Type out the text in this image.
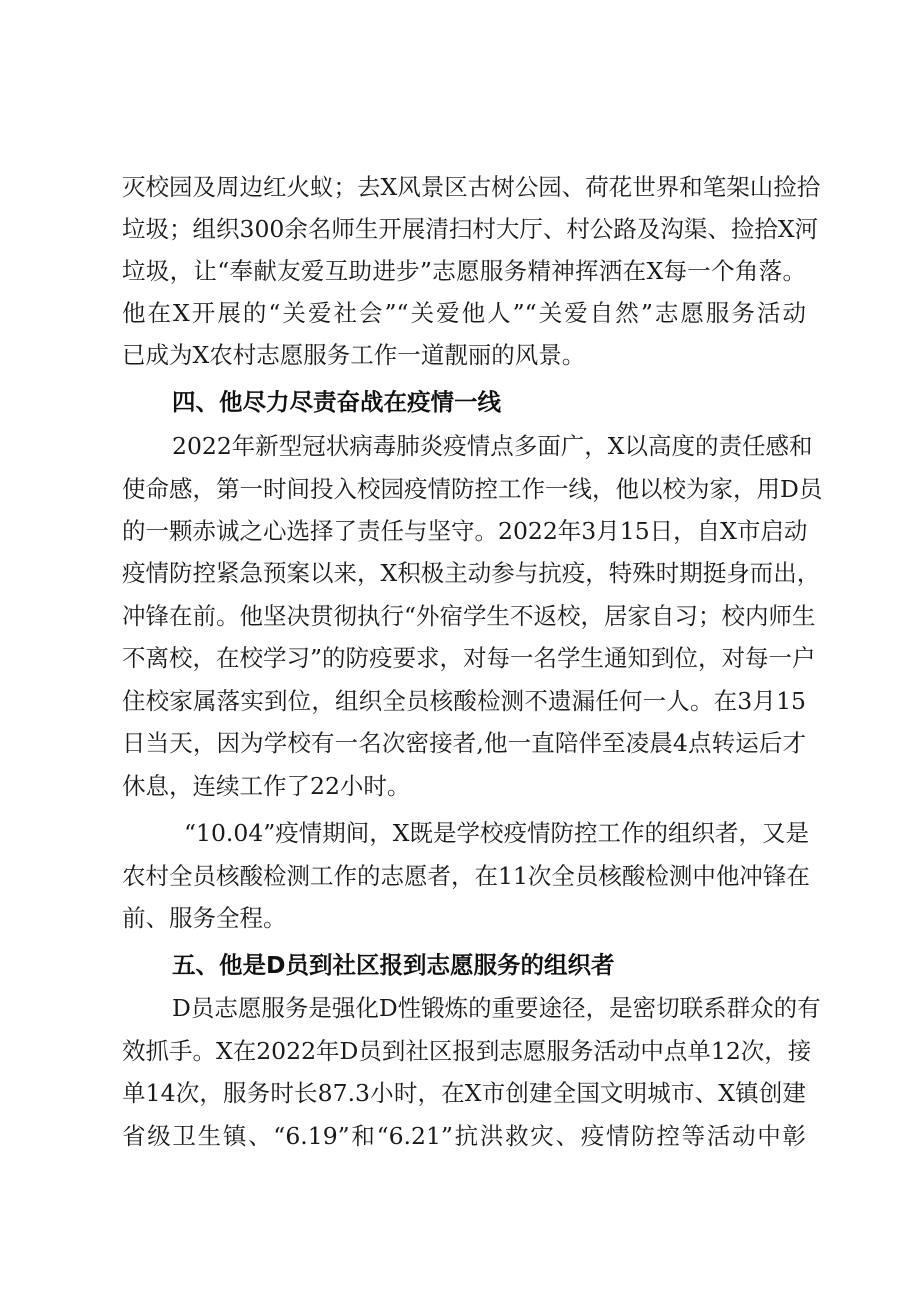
灭校园及周边红火蚁；去X风景区古树公园、荷花世界和笔架山捡拾
垃圾；组织300余名师生开展清扫村大厅、村公路及沟渠、捡拾X河
垃圾，让“奉献友爱互助进步”志愿服务精神挥洒在X每一个角落。
他在X开展的“关爱社会”“关爱他人”“关爱自然”志愿服务活动
已成为X农村志愿服务工作一道靓丽的风景。
四、他尽力尽责奋战在疫情一线
2022年新型冠状病毒肺炎疫情点多面广，X以高度的责任感和
使命感，第一时间投入校园疫情防控工作一线，他以校为家，用D员
的一颗赤诚之心选择了责任与坚守。2022年3月15日，自X市启动
疫情防控紧急预案以来，X积极主动参与抗疫，特殊时期挺身而出，
冲锋在前。他坚决贯彻执行“外宿学生不返校，居家自习；校内师生
不离校，在校学习”的防疫要求，对每一名学生通知到位，对每一户
住校家属落实到位，组织全员核酸检测不遗漏任何一人。在3月15
日当天，因为学校有一名次密接者,他一直陪伴至凌晨4点转运后才
休息，连续工作了22小时。
“10.04”疫情期间，X既是学校疫情防控工作的组织者，又是
农村全员核酸检测工作的志愿者，在11次全员核酸检测中他冲锋在
前、服务全程。
五、他是D员到社区报到志愿服务的组织者
D员志愿服务是强化D性锻炼的重要途径，是密切联系群众的有
效抓手。X在2022年D员到社区报到志愿服务活动中点单12次，接
单14次，服务时长87.3小时，在X市创建全国文明城市、X镇创建
省级卫生镇、“6.19”和“6.21”抗洪救灾、疫情防控等活动中彰
